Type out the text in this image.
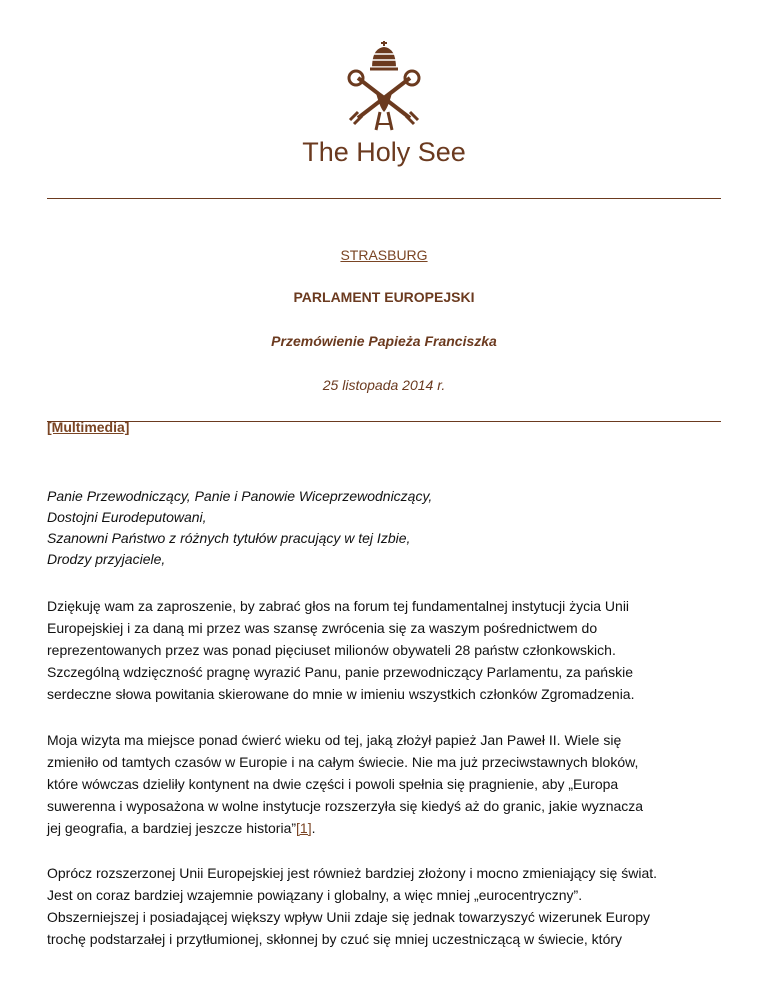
The Holy See
STRASBURG
PARLAMENT EUROPEJSKI
Przemówienie Papieża Franciszka
25 listopada 2014 r.
[Multimedia]
Panie Przewodniczący, Panie i Panowie Wiceprzewodniczący,
Dostojni Eurodeputowani,
Szanowni Państwo z różnych tytułów pracujący w tej Izbie,
Drodzy przyjaciele,
Dziękuję wam za zaproszenie, by zabrać głos na forum tej fundamentalnej instytucji życia Unii
Europejskiej i za daną mi przez was szansę zwrócenia się za waszym pośrednictwem do
reprezentowanych przez was ponad pięciuset milionów obywateli 28 państw członkowskich.
Szczególną wdzięczność pragnę wyrazić Panu, panie przewodniczący Parlamentu, za pańskie
serdeczne słowa powitania skierowane do mnie w imieniu wszystkich członków Zgromadzenia.
Moja wizyta ma miejsce ponad ćwierć wieku od tej, jaką złożył papież Jan Paweł II. Wiele się
zmieniło od tamtych czasów w Europie i na całym świecie. Nie ma już przeciwstawnych bloków,
które wówczas dzieliły kontynent na dwie części i powoli spełnia się pragnienie, aby „Europa
suwerenna i wyposażona w wolne instytucje rozszerzyła się kiedyś aż do granic, jakie wyznacza
jej geografia, a bardziej jeszcze historia”[1].
Oprócz rozszerzonej Unii Europejskiej jest również bardziej złożony i mocno zmieniający się świat.
Jest on coraz bardziej wzajemnie powiązany i globalny, a więc mniej „eurocentryczny”.
Obszerniejszej i posiadającej większy wpływ Unii zdaje się jednak towarzyszyć wizerunek Europy
trochę podstarzałej i przytłumionej, skłonnej by czuć się mniej uczestniczącą w świecie, który
